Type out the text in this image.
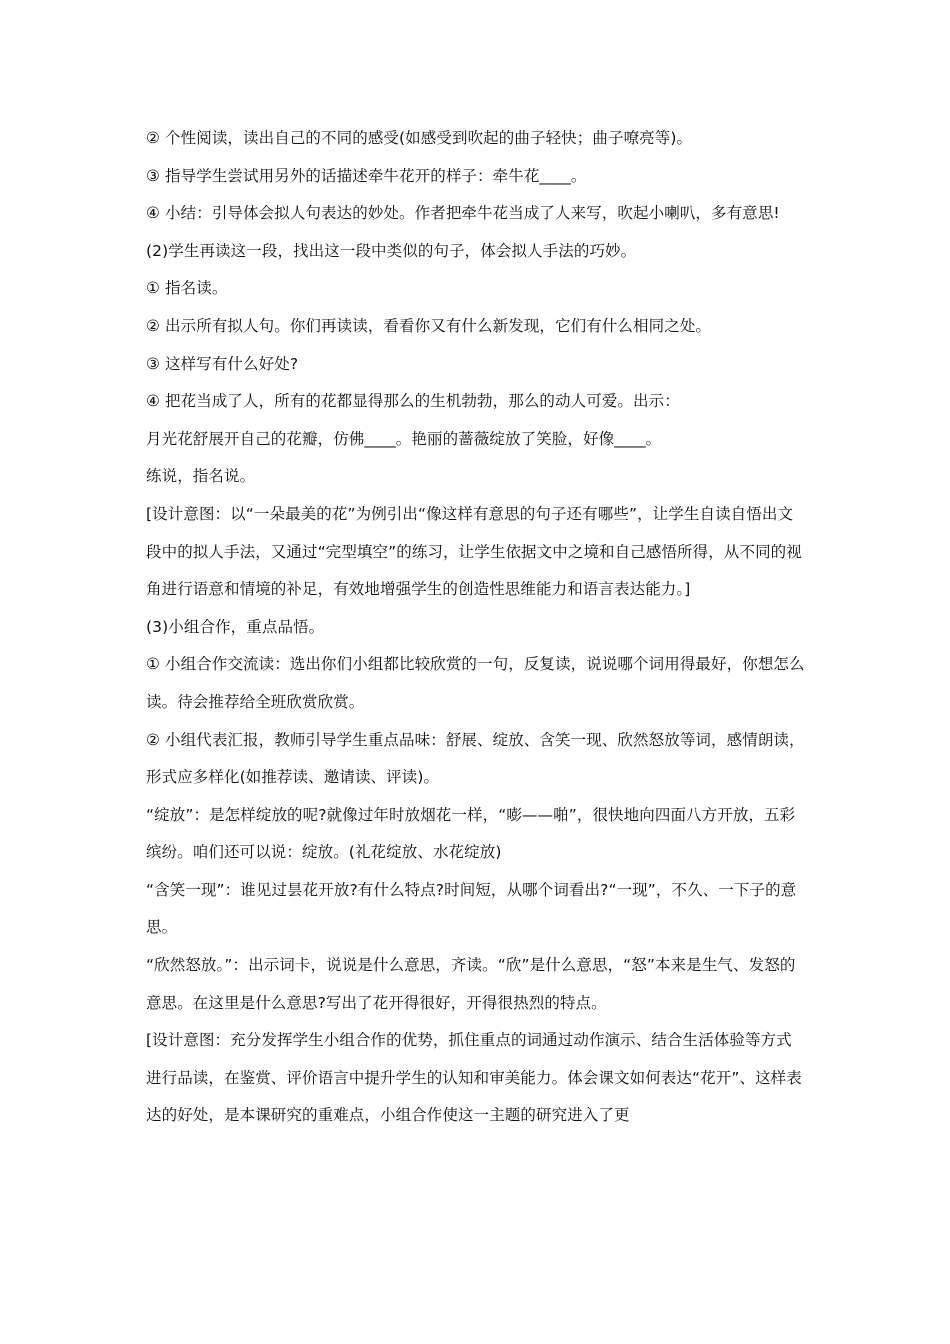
② 个性阅读，读出自己的不同的感受(如感受到吹起的曲子轻快；曲子嘹亮等)。

③ 指导学生尝试用另外的话描述牵牛花开的样子：牵牛花____。

④ 小结：引导体会拟人句表达的妙处。作者把牵牛花当成了人来写，吹起小喇叭，多有意思!

(2)学生再读这一段，找出这一段中类似的句子，体会拟人手法的巧妙。

① 指名读。

② 出示所有拟人句。你们再读读，看看你又有什么新发现，它们有什么相同之处。

③ 这样写有什么好处?

④ 把花当成了人，所有的花都显得那么的生机勃勃，那么的动人可爱。出示：

月光花舒展开自己的花瓣，仿佛____。艳丽的蔷薇绽放了笑脸，好像____。

练说，指名说。

[设计意图：以“一朵最美的花”为例引出“像这样有意思的句子还有哪些”，让学生自读自悟出文段中的拟人手法，又通过“完型填空”的练习，让学生依据文中之境和自己感悟所得，从不同的视角进行语意和情境的补足，有效地增强学生的创造性思维能力和语言表达能力。]

(3)小组合作，重点品悟。

① 小组合作交流读：选出你们小组都比较欣赏的一句，反复读，说说哪个词用得最好，你想怎么读。待会推荐给全班欣赏欣赏。

② 小组代表汇报，教师引导学生重点品味：舒展、绽放、含笑一现、欣然怒放等词，感情朗读，形式应多样化(如推荐读、邀请读、评读)。

“绽放”：是怎样绽放的呢?就像过年时放烟花一样，“嘭——啪”，很快地向四面八方开放，五彩缤纷。咱们还可以说：绽放。(礼花绽放、水花绽放)

“含笑一现”：谁见过昙花开放?有什么特点?时间短，从哪个词看出?“一现”，不久、一下子的意思。

“欣然怒放。”：出示词卡，说说是什么意思，齐读。“欣”是什么意思，“怒”本来是生气、发怒的意思。在这里是什么意思?写出了花开得很好，开得很热烈的特点。

[设计意图：充分发挥学生小组合作的优势，抓住重点的词通过动作演示、结合生活体验等方式进行品读，在鉴赏、评价语言中提升学生的认知和审美能力。体会课文如何表达“花开”、这样表达的好处，是本课研究的重难点，小组合作使这一主题的研究进入了更
